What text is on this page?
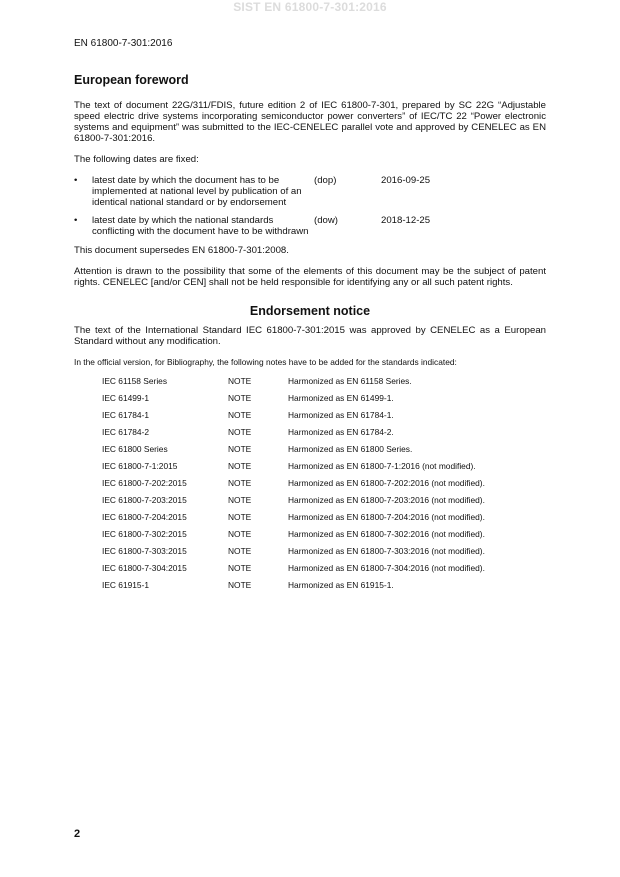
SIST EN 61800-7-301:2016
EN 61800-7-301:2016
European foreword

The text of document 22G/311/FDIS, future edition 2 of IEC 61800-7-301, prepared by SC 22G “Adjustable speed electric drive systems incorporating semiconductor power converters” of IEC/TC 22 “Power electronic systems and equipment” was submitted to the IEC-CENELEC parallel vote and approved by CENELEC as EN 61800-7-301:2016.

The following dates are fixed:

•	latest date by which the document has to be implemented at national level by publication of an identical national standard or by endorsement
(dop)	2016-09-25
•	latest date by which the national standards conflicting with the document have to be withdrawn
(dow)	2018-12-25

This document supersedes EN 61800-7-301:2008.

Attention is drawn to the possibility that some of the elements of this document may be the subject of patent rights. CENELEC [and/or CEN] shall not be held responsible for identifying any or all such patent rights.

Endorsement notice

The text of the International Standard IEC 61800-7-301:2015 was approved by CENELEC as a European Standard without any modification.

In the official version, for Bibliography, the following notes have to be added for the standards indicated:

IEC 61158 Series	NOTE	Harmonized as EN 61158 Series.
IEC 61499-1	NOTE	Harmonized as EN 61499-1.
IEC 61784-1	NOTE	Harmonized as EN 61784-1.
IEC 61784-2	NOTE	Harmonized as EN 61784-2.
IEC 61800 Series	NOTE	Harmonized as EN 61800 Series.
IEC 61800-7-1:2015	NOTE	Harmonized as EN 61800-7-1:2016 (not modified).
IEC 61800-7-202:2015	NOTE	Harmonized as EN 61800-7-202:2016 (not modified).
IEC 61800-7-203:2015	NOTE	Harmonized as EN 61800-7-203:2016 (not modified).
IEC 61800-7-204:2015	NOTE	Harmonized as EN 61800-7-204:2016 (not modified).
IEC 61800-7-302:2015	NOTE	Harmonized as EN 61800-7-302:2016 (not modified).
IEC 61800-7-303:2015	NOTE	Harmonized as EN 61800-7-303:2016 (not modified).
IEC 61800-7-304:2015	NOTE	Harmonized as EN 61800-7-304:2016 (not modified).
IEC 61915-1	NOTE	Harmonized as EN 61915-1.
2
